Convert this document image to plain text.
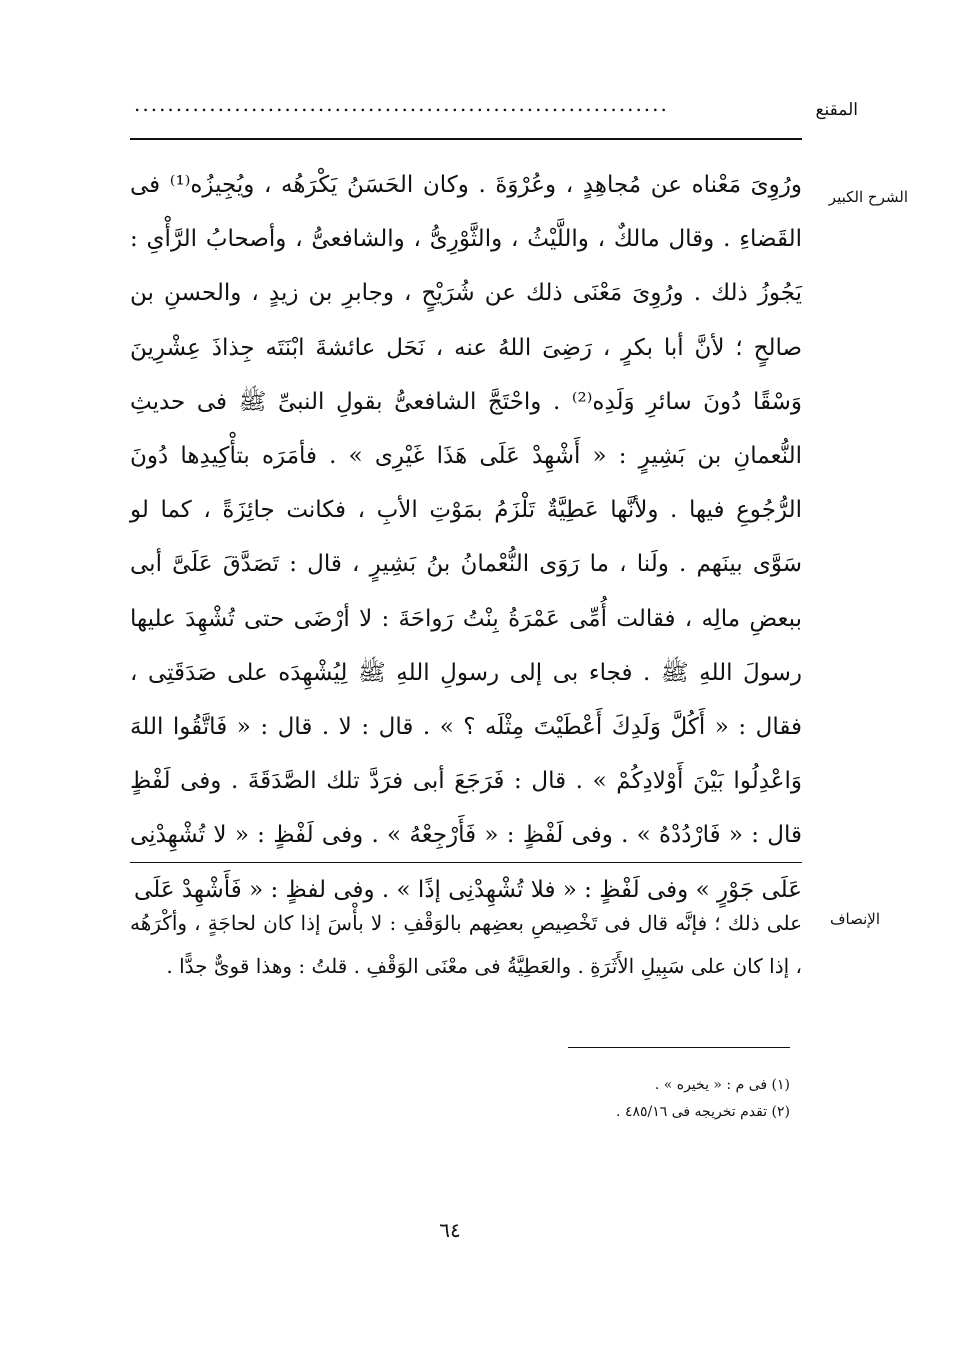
المقنع
................................................................
الشرح الكبير

ورُوِىَ مَعْناه عن مُجاهِدٍ ، وعُرْوَةَ . وكان الحَسَنُ يَكْرَهُه ، ويُجِيزُه⁽¹⁾ فى القَضاءِ . وقال مالكٌ ، واللَّيْثُ ، والثَّوْرِىُّ ، والشافعىُّ ، وأصحابُ الرَّأْىِ : يَجُوزُ ذلك . ورُوِىَ مَعْنَى ذلك عن شُرَيْحٍ ، وجابرِ بن زيدٍ ، والحسنِ بن صالحٍ ؛ لأنَّ أبا بكرٍ ، رَضِىَ اللهُ عنه ، نَحَل عائشةَ ابْنَتَه جِذاذَ عِشْرِينَ وَسْقًا دُونَ سائرِ وَلَدِه⁽²⁾ . واحْتَجَّ الشافعىُّ بقولِ النبىِّ ﷺ فى حديثِ النُّعمانِ بن بَشِيرٍ : « أَشْهِدْ عَلَى هَذَا غَيْرِى » . فأمَرَه بتأْكِيدِها دُونَ الرُّجُوعِ فيها . ولأنَّها عَطِيَّةٌ تَلْزَمُ بمَوْتِ الأبِ ، فكانت جائِزَةً ، كما لو سَوَّى بينَهم . ولَنا ، ما رَوَى النُّعْمانُ بنُ بَشِيرٍ ، قال : تَصَدَّقَ عَلَىَّ أبى ببعضِ مالِه ، فقالت أُمِّى عَمْرَةُ بِنْتُ رَواحَةَ : لا أرْضَى حتى تُشْهِدَ عليها رسولَ اللهِ ﷺ . فجاء بى إلى رسولِ اللهِ ﷺ لِيُشْهِدَه على صَدَقَتِى ، فقال : « أَكُلَّ وَلَدِكَ أَعْطَيْتَ مِثْلَه ؟ » . قال : لا . قال : « فَاتَّقُوا اللهَ وَاعْدِلُوا بَيْنَ أَوْلادِكُمْ » . قال : فَرَجَعَ أبى فرَدَّ تلك الصَّدَقَةَ . وفى لَفْظٍ قال : « فَارْدُدْهُ » . وفى لَفْظٍ : « فَأَرْجِعْهُ » . وفى لَفْظٍ : « لا تُشْهِدْنِى عَلَى جَوْرٍ » وفى لَفْظٍ : « فلا تُشْهِدْنِى إذًا » . وفى لفظٍ : « فَأَشْهِدْ عَلَى

الإنصاف

على ذلك ؛ فإنَّه قال فى تَخْصِيصِ بعضِهم بالوَقْفِ : لا بأْسَ إذا كان لحاجَةٍ ، وأكْرَهُه ، إذا كان على سَبِيلِ الأَثَرَةِ . والعَطِيَّةُ فى معْنَى الوَقْفِ . قلتُ : وهذا قوىٌّ جدًّا .

(١) فى م : « يخيره » .

(٢) تقدم تخريجه فى ٤٨٥/١٦ .

٦٤
